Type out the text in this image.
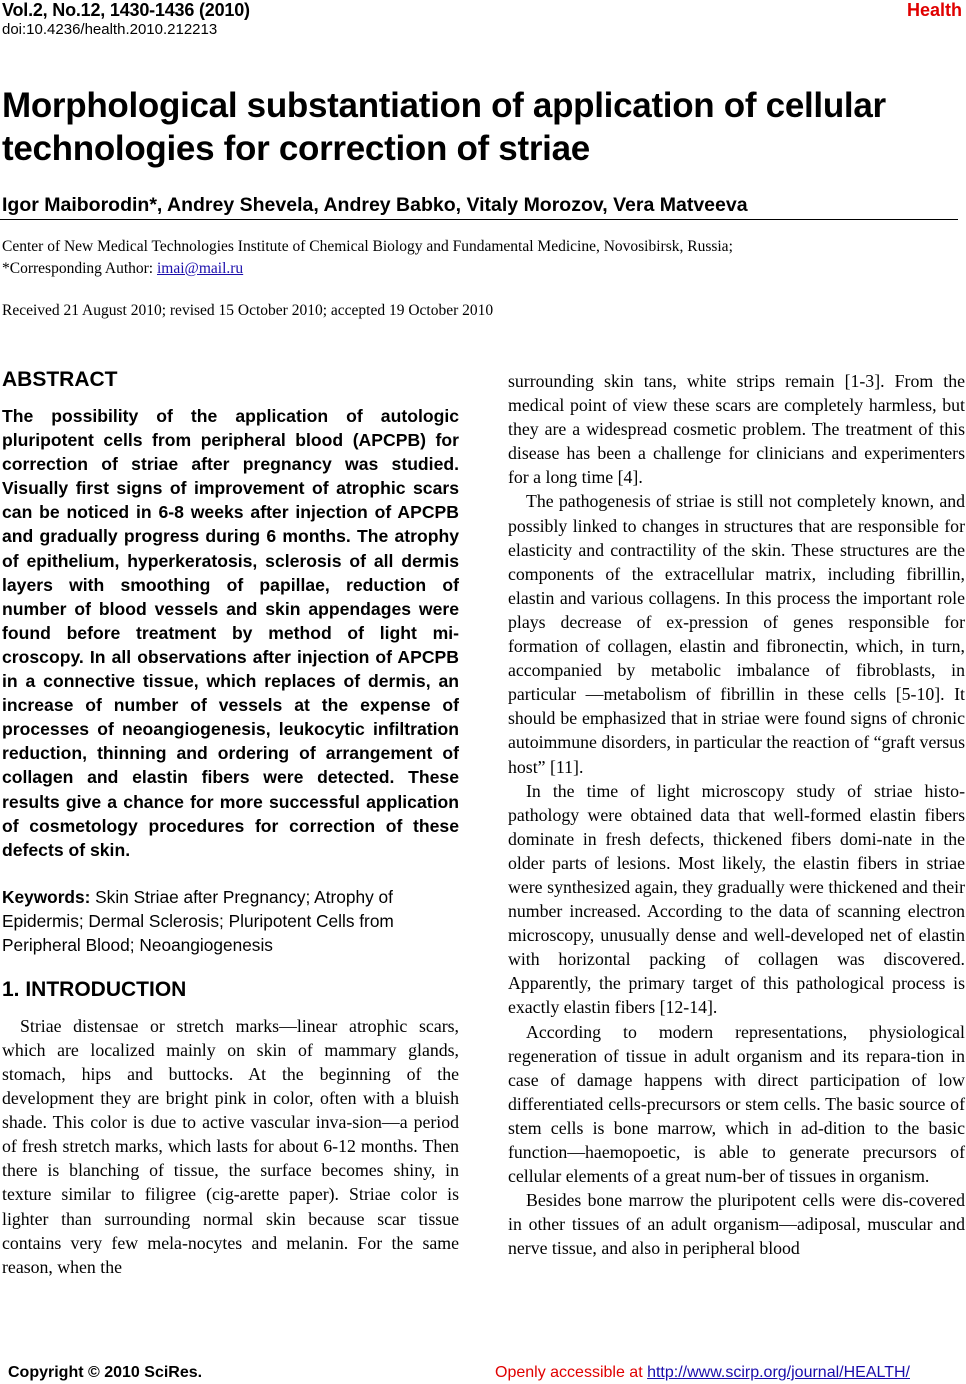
Vol.2, No.12, 1430-1436 (2010)
doi:10.4236/health.2010.212213
Health
Morphological substantiation of application of cellular technologies for correction of striae
Igor Maiborodin*, Andrey Shevela, Andrey Babko, Vitaly Morozov, Vera Matveeva
Center of New Medical Technologies Institute of Chemical Biology and Fundamental Medicine, Novosibirsk, Russia;
*Corresponding Author: imai@mail.ru
Received 21 August 2010; revised 15 October 2010; accepted 19 October 2010
ABSTRACT

The possibility of the application of autologic pluripotent cells from peripheral blood (APCPB) for correction of striae after pregnancy was studied. Visually first signs of improvement of atrophic scars can be noticed in 6-8 weeks after injection of APCPB and gradually progress during 6 months. The atrophy of epithelium, hyperkeratosis, sclerosis of all dermis layers with smoothing of papillae, reduction of number of blood vessels and skin appendages were found before treatment by method of light mi-croscopy. In all observations after injection of APCPB in a connective tissue, which replaces of dermis, an increase of number of vessels at the expense of processes of neoangiogenesis, leukocytic infiltration reduction, thinning and ordering of arrangement of collagen and elastin fibers were detected. These results give a chance for more successful application of cosmetology procedures for correction of these defects of skin.

Keywords: Skin Striae after Pregnancy; Atrophy of Epidermis; Dermal Sclerosis; Pluripotent Cells from Peripheral Blood; Neoangiogenesis

1. INTRODUCTION

Striae distensae or stretch marks—linear atrophic scars, which are localized mainly on skin of mammary glands, stomach, hips and buttocks. At the beginning of the development they are bright pink in color, often with a bluish shade. This color is due to active vascular inva-sion—a period of fresh stretch marks, which lasts for about 6-12 months. Then there is blanching of tissue, the surface becomes shiny, in texture similar to filigree (cig-arette paper). Striae color is lighter than surrounding normal skin because scar tissue contains very few mela-nocytes and melanin. For the same reason, when the

surrounding skin tans, white strips remain [1-3]. From the medical point of view these scars are completely harmless, but they are a widespread cosmetic problem. The treatment of this disease has been a challenge for clinicians and experimenters for a long time [4].

The pathogenesis of striae is still not completely known, and possibly linked to changes in structures that are responsible for elasticity and contractility of the skin. These structures are the components of the extracellular matrix, including fibrillin, elastin and various collagens. In this process the important role plays decrease of ex-pression of genes responsible for formation of collagen, elastin and fibronectin, which, in turn, accompanied by metabolic imbalance of fibroblasts, in particular —metabolism of fibrillin in these cells [5-10]. It should be emphasized that in striae were found signs of chronic autoimmune disorders, in particular the reaction of “graft versus host” [11].

In the time of light microscopy study of striae histo-pathology were obtained data that well-formed elastin fibers dominate in fresh defects, thickened fibers domi-nate in the older parts of lesions. Most likely, the elastin fibers in striae were synthesized again, they gradually were thickened and their number increased. According to the data of scanning electron microscopy, unusually dense and well-developed net of elastin with horizontal packing of collagen was discovered. Apparently, the primary target of this pathological process is exactly elastin fibers [12-14].

According to modern representations, physiological regeneration of tissue in adult organism and its repara-tion in case of damage happens with direct participation of low differentiated cells-precursors or stem cells. The basic source of stem cells is bone marrow, which in ad-dition to the basic function—haemopoetic, is able to generate precursors of cellular elements of a great num-ber of tissues in organism.

Besides bone marrow the pluripotent cells were dis-covered in other tissues of an adult organism—adiposal, muscular and nerve tissue, and also in peripheral blood

Copyright © 2010 SciRes.	Openly accessible at http://www.scirp.org/journal/HEALTH/
